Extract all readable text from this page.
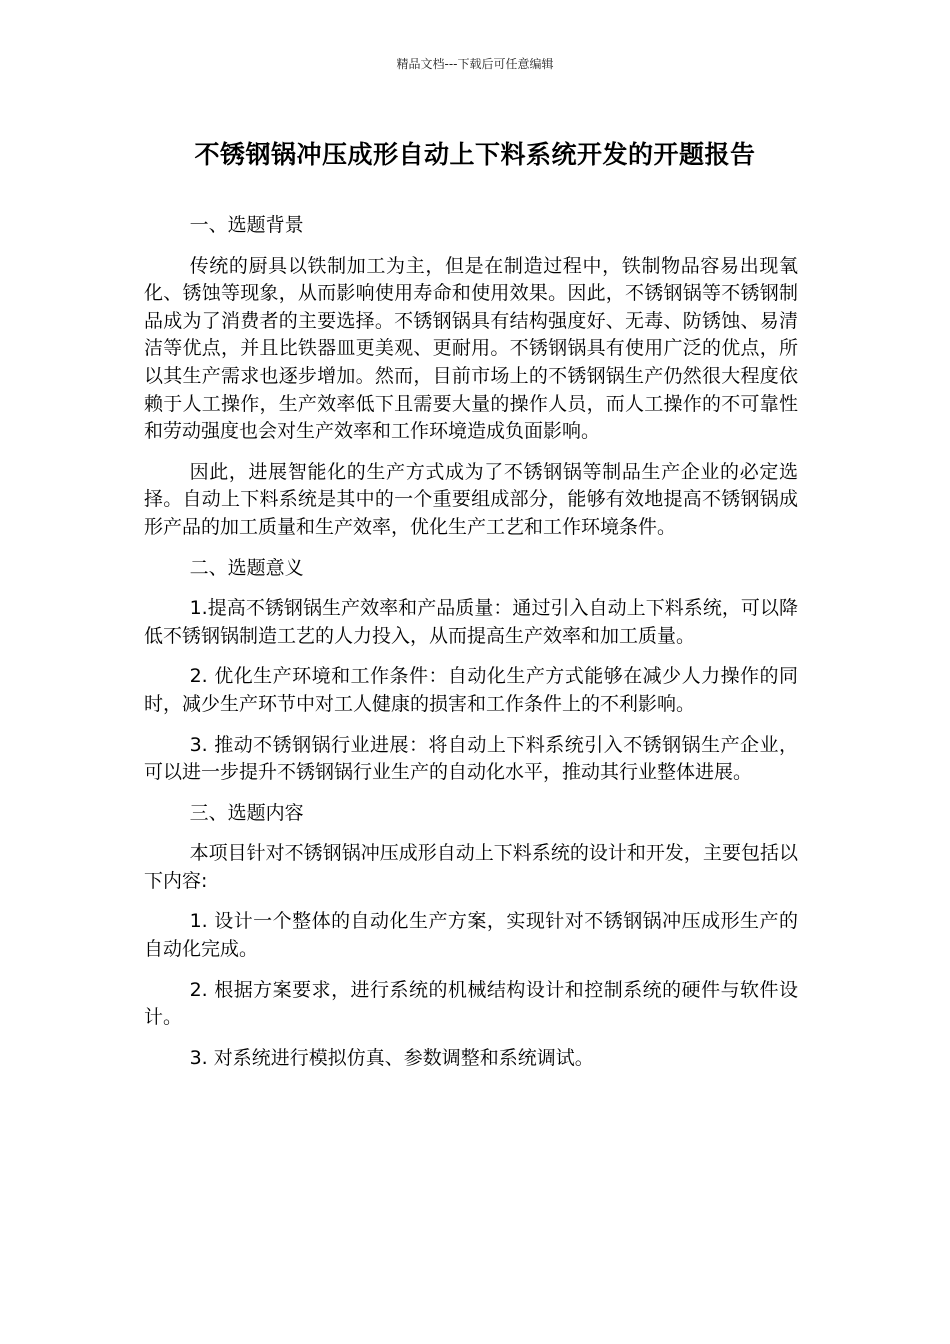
精品文档---下载后可任意编辑
不锈钢锅冲压成形自动上下料系统开发的开题报告
一、选题背景

传统的厨具以铁制加工为主，但是在制造过程中，铁制物品容易出现氧化、锈蚀等现象，从而影响使用寿命和使用效果。因此，不锈钢锅等不锈钢制品成为了消费者的主要选择。不锈钢锅具有结构强度好、无毒、防锈蚀、易清洁等优点，并且比铁器皿更美观、更耐用。不锈钢锅具有使用广泛的优点，所以其生产需求也逐步增加。然而，目前市场上的不锈钢锅生产仍然很大程度依赖于人工操作，生产效率低下且需要大量的操作人员，而人工操作的不可靠性和劳动强度也会对生产效率和工作环境造成负面影响。

因此，进展智能化的生产方式成为了不锈钢锅等制品生产企业的必定选择。自动上下料系统是其中的一个重要组成部分，能够有效地提高不锈钢锅成形产品的加工质量和生产效率，优化生产工艺和工作环境条件。

二、选题意义

1.提高不锈钢锅生产效率和产品质量：通过引入自动上下料系统，可以降低不锈钢锅制造工艺的人力投入，从而提高生产效率和加工质量。

2. 优化生产环境和工作条件：自动化生产方式能够在减少人力操作的同时，减少生产环节中对工人健康的损害和工作条件上的不利影响。

3. 推动不锈钢锅行业进展：将自动上下料系统引入不锈钢锅生产企业，可以进一步提升不锈钢锅行业生产的自动化水平，推动其行业整体进展。

三、选题内容

本项目针对不锈钢锅冲压成形自动上下料系统的设计和开发，主要包括以下内容:

1. 设计一个整体的自动化生产方案，实现针对不锈钢锅冲压成形生产的自动化完成。

2. 根据方案要求，进行系统的机械结构设计和控制系统的硬件与软件设计。

3. 对系统进行模拟仿真、参数调整和系统调试。
